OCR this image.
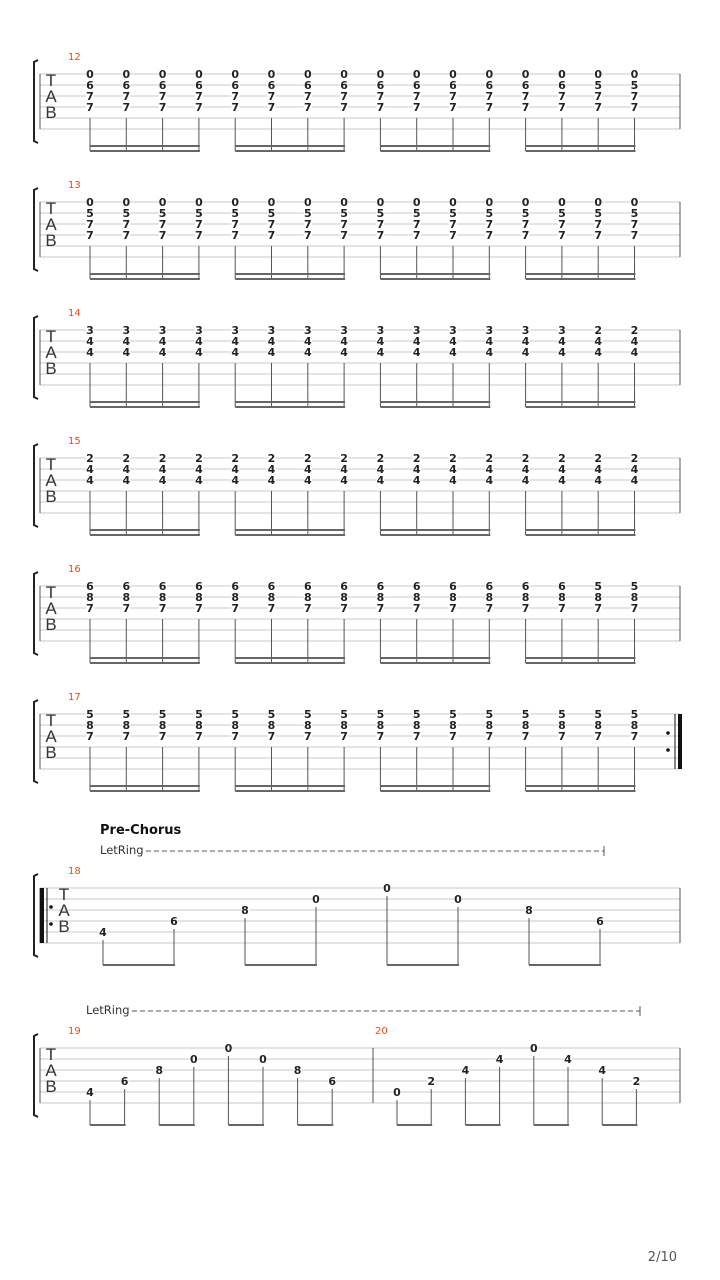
T
A
B
12
0
6
7
7
0
6
7
7
0
6
7
7
0
6
7
7
0
6
7
7
0
6
7
7
0
6
7
7
0
6
7
7
0
6
7
7
0
6
7
7
0
6
7
7
0
6
7
7
0
6
7
7
0
6
7
7
0
5
7
7
0
5
7
7
T
A
B
13
0
5
7
7
0
5
7
7
0
5
7
7
0
5
7
7
0
5
7
7
0
5
7
7
0
5
7
7
0
5
7
7
0
5
7
7
0
5
7
7
0
5
7
7
0
5
7
7
0
5
7
7
0
5
7
7
0
5
7
7
0
5
7
7
T
A
B
14
3
4
4
3
4
4
3
4
4
3
4
4
3
4
4
3
4
4
3
4
4
3
4
4
3
4
4
3
4
4
3
4
4
3
4
4
3
4
4
3
4
4
2
4
4
2
4
4
T
A
B
15
2
4
4
2
4
4
2
4
4
2
4
4
2
4
4
2
4
4
2
4
4
2
4
4
2
4
4
2
4
4
2
4
4
2
4
4
2
4
4
2
4
4
2
4
4
2
4
4
T
A
B
16
6
8
7
6
8
7
6
8
7
6
8
7
6
8
7
6
8
7
6
8
7
6
8
7
6
8
7
6
8
7
6
8
7
6
8
7
6
8
7
6
8
7
5
8
7
5
8
7
T
A
B
17
5
8
7
5
8
7
5
8
7
5
8
7
5
8
7
5
8
7
5
8
7
5
8
7
5
8
7
5
8
7
5
8
7
5
8
7
5
8
7
5
8
7
5
8
7
5
8
7
T
A
B
Pre-Chorus
LetRing
18
4
6
8
0
0
0
8
6
T
A
B
LetRing
19
4
6
8
0
0
0
8
6
20
0
2
4
4
0
4
4
2
2/10
